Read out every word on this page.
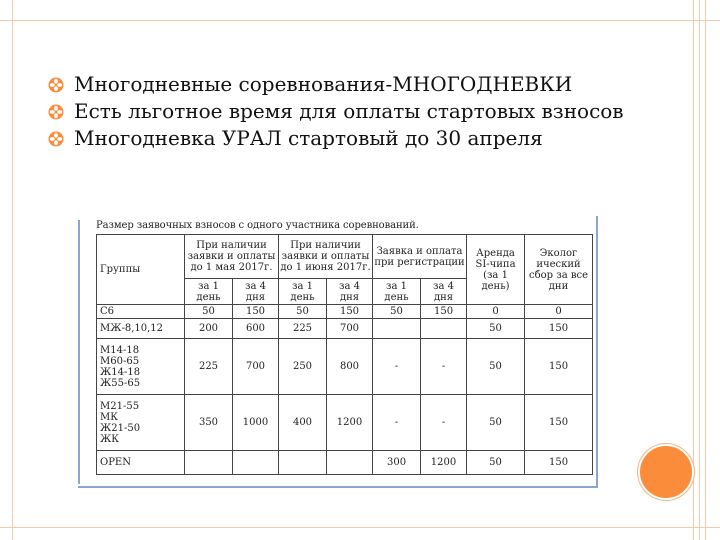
Многодневные соревнования-МНОГОДНЕВКИ
Есть льготное время для оплаты стартовых взносов
Многодневка УРАЛ стартовый до 30 апреля
Размер заявочных взносов с одного участника соревнований.
Группы	При наличии заявки и оплаты до 1 мая 2017г.		При наличии заявки и оплаты до 1 июня 2017г.		Заявка и оплата при регистрации		Аренда SI-чипа (за 1 день)	Эколог ический сбор за все дни
	за 1 день	за 4 дня	за 1 день	за 4 дня	за 1 день	за 4 дня		
С6	50	150	50	150	50	150	0	0
МЖ-8,10,12	200	600	225	700			50	150
М14-18
М60-65
Ж14-18
Ж55-65	225	700	250	800	-	-	50	150
М21-55
МК
Ж21-50
ЖК	350	1000	400	1200	-	-	50	150
OPEN					300	1200	50	150
